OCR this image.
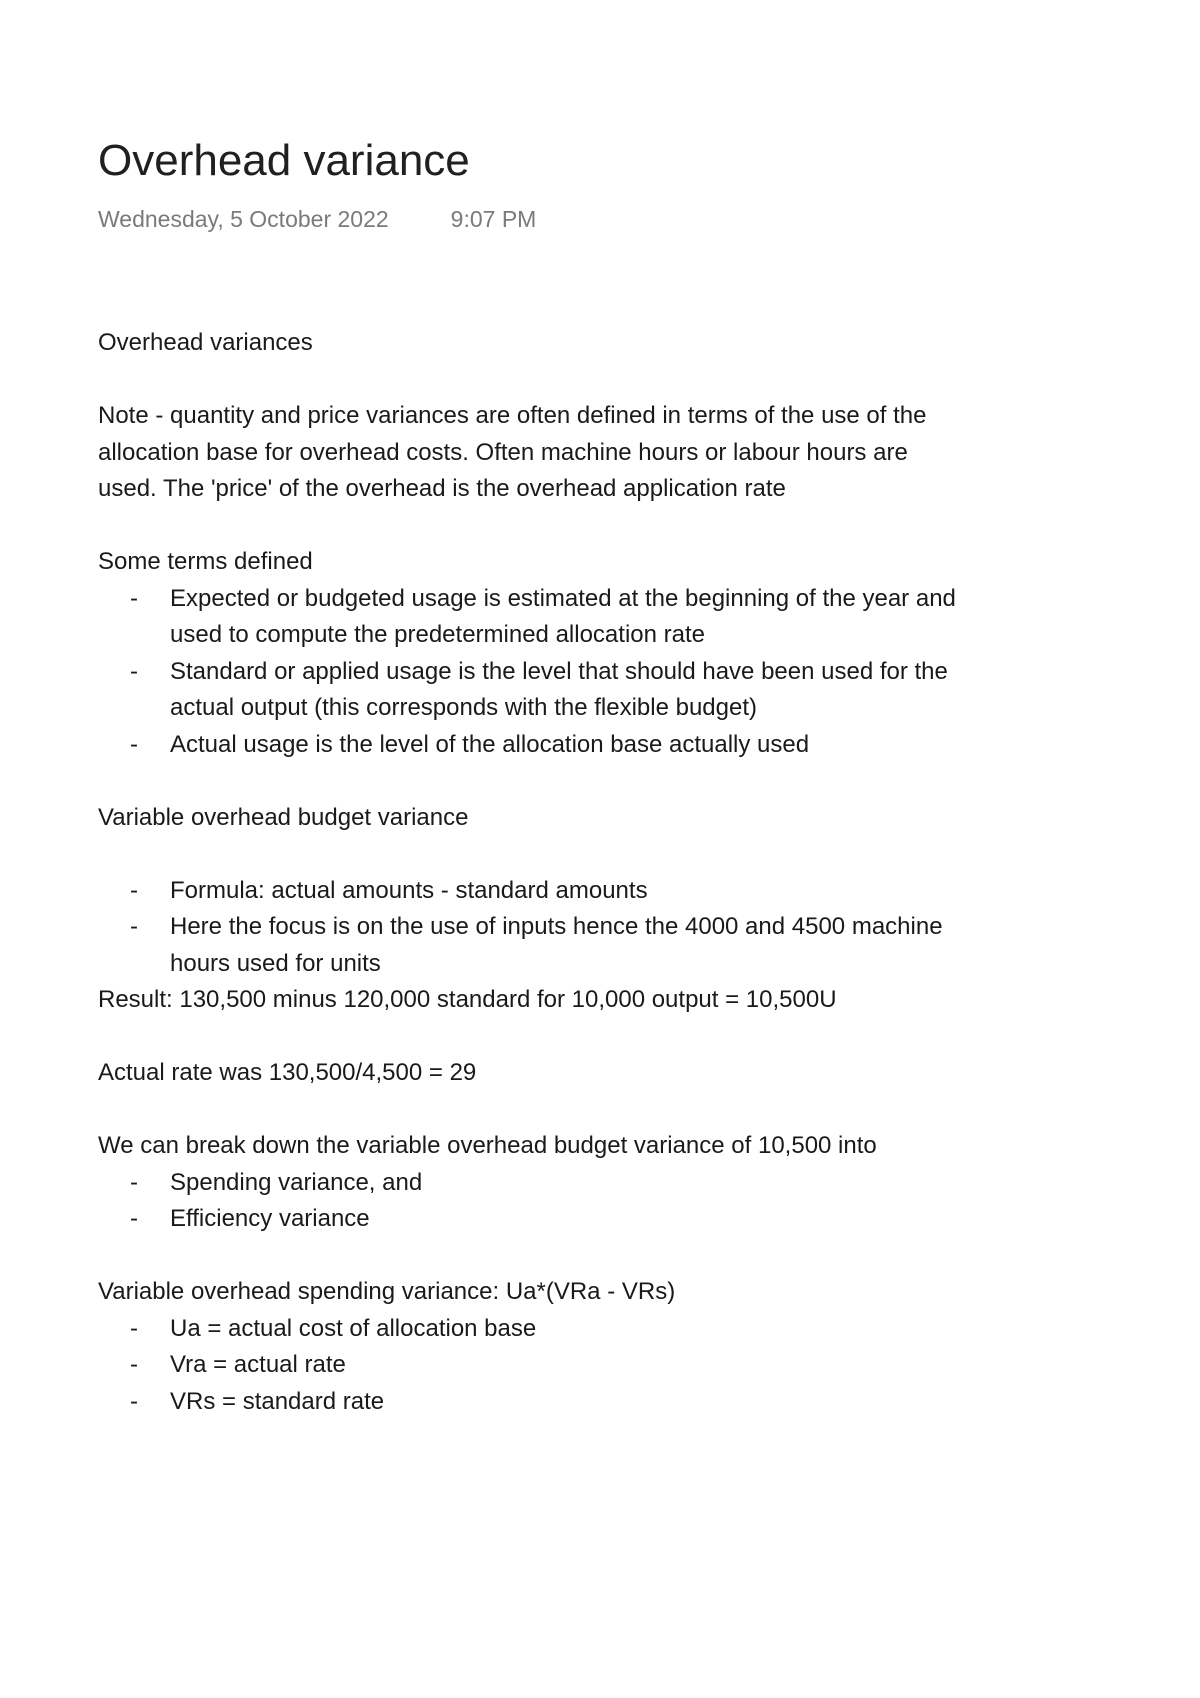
Overhead variance
Wednesday, 5 October 2022	9:07 PM

Overhead variances

Note - quantity and price variances are often defined in terms of the use of the allocation base for overhead costs. Often machine hours or labour hours are used. The 'price' of the overhead is the overhead application rate

Some terms defined

- Expected or budgeted usage is estimated at the beginning of the year and used to compute the predetermined allocation rate
- Standard or applied usage is the level that should have been used for the actual output (this corresponds with the flexible budget)
- Actual usage is the level of the allocation base actually used

Variable overhead budget variance

- Formula: actual amounts - standard amounts
- Here the focus is on the use of inputs hence the 4000 and 4500 machine hours used for units

Result: 130,500 minus 120,000 standard for 10,000 output = 10,500U

Actual rate was 130,500/4,500 = 29

We can break down the variable overhead budget variance of 10,500 into

- Spending variance, and
- Efficiency variance

Variable overhead spending variance: Ua*(VRa - VRs)

- Ua = actual cost of allocation base
- Vra = actual rate
- VRs = standard rate
